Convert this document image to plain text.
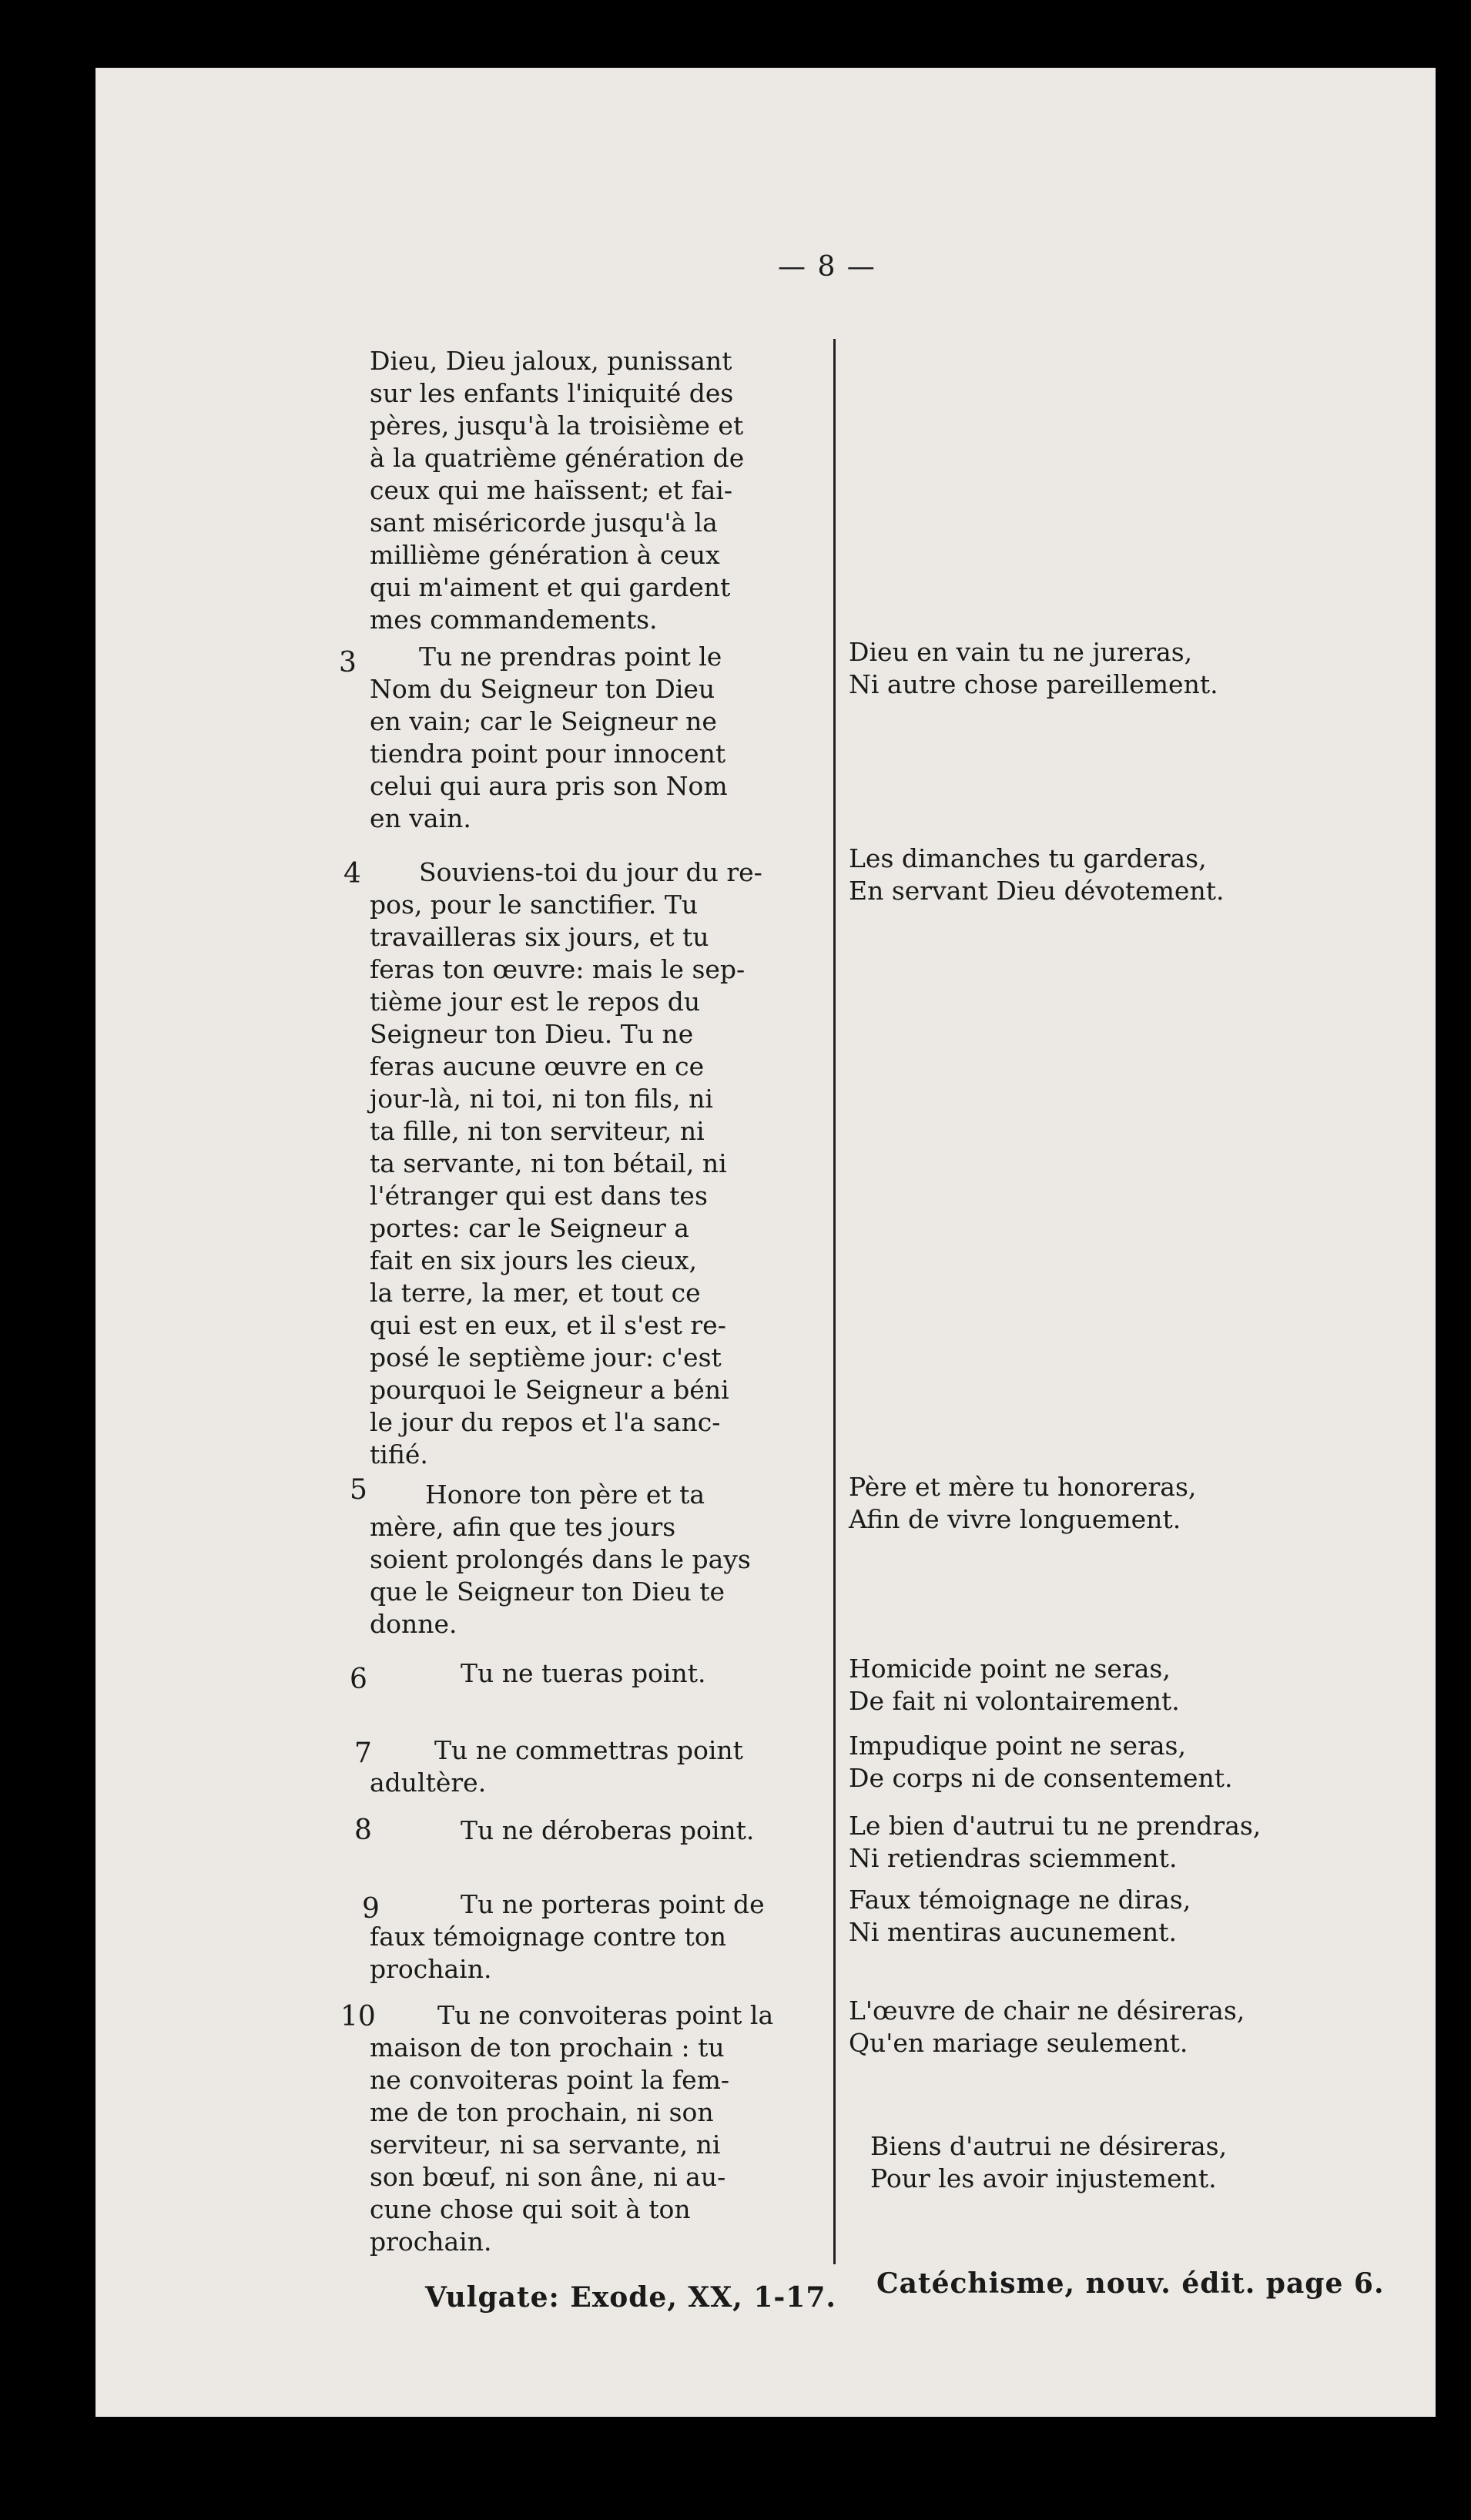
— 8 —
Dieu, Dieu jaloux, punissant
sur les enfants l'iniquité des
pères, jusqu'à la troisième et
à la quatrième génération de
ceux qui me haïssent; et fai-
sant miséricorde jusqu'à la
millième génération à ceux
qui m'aiment et qui gardent
mes commandements.
3	Tu ne prendras point le
Nom du Seigneur ton Dieu
en vain; car le Seigneur ne
tiendra point pour innocent
celui qui aura pris son Nom
en vain.
Dieu en vain tu ne jureras,
Ni autre chose pareillement.
4	Souviens-toi du jour du re-
pos, pour le sanctifier. Tu
travailleras six jours, et tu
feras ton œuvre: mais le sep-
tième jour est le repos du
Seigneur ton Dieu. Tu ne
feras aucune œuvre en ce
jour-là, ni toi, ni ton fils, ni
ta fille, ni ton serviteur, ni
ta servante, ni ton bétail, ni
l'étranger qui est dans tes
portes: car le Seigneur a
fait en six jours les cieux,
la terre, la mer, et tout ce
qui est en eux, et il s'est re-
posé le septième jour: c'est
pourquoi le Seigneur a béni
le jour du repos et l'a sanc-
tifié.
Les dimanches tu garderas,
En servant Dieu dévotement.
5	Honore ton père et ta
mère, afin que tes jours
soient prolongés dans le pays
que le Seigneur ton Dieu te
donne.
Père et mère tu honoreras,
Afin de vivre longuement.
6	Tu ne tueras point.	Homicide point ne seras,
De fait ni volontairement.
7	Tu ne commettras point
adultère.
Impudique point ne seras,
De corps ni de consentement.
8	Tu ne déroberas point.	Le bien d'autrui tu ne prendras,
Ni retiendras sciemment.
9	Tu ne porteras point de
faux témoignage contre ton
prochain.
Faux témoignage ne diras,
Ni mentiras aucunement.
10	Tu ne convoiteras point la
maison de ton prochain : tu
ne convoiteras point la fem-
me de ton prochain, ni son
serviteur, ni sa servante, ni
son bœuf, ni son âne, ni au-
cune chose qui soit à ton
prochain.
L'œuvre de chair ne désireras,
Qu'en mariage seulement.
Biens d'autrui ne désireras,
Pour les avoir injustement.
Vulgate: Exode, XX, 1-17. Catéchisme, nouv. édit. page 6.
